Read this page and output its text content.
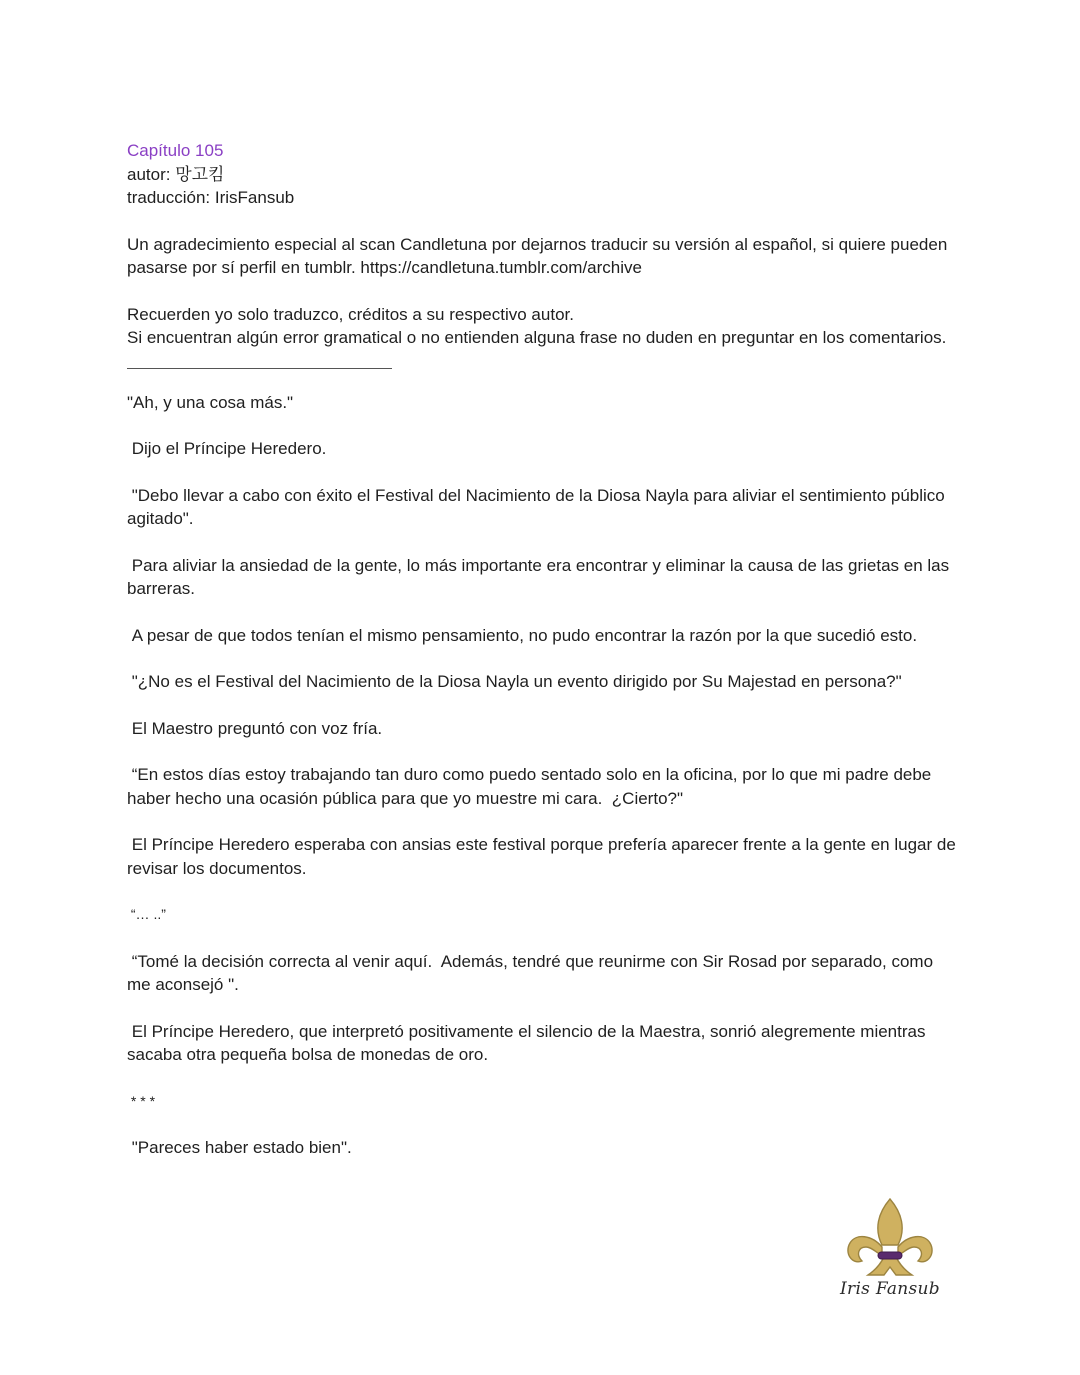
Capítulo 105

autor: 망고킴

traducción: IrisFansub

Un agradecimiento especial al scan Candletuna por dejarnos traducir su versión al español, si quiere pueden pasarse por sí perfil en tumblr. https://candletuna.tumblr.com/archive

Recuerden yo solo traduzco, créditos a su respectivo autor.
Si encuentran algún error gramatical o no entienden alguna frase no duden en preguntar en los comentarios.

"Ah, y una cosa más."

Dijo el Príncipe Heredero.

"Debo llevar a cabo con éxito el Festival del Nacimiento de la Diosa Nayla para aliviar el sentimiento público agitado".

Para aliviar la ansiedad de la gente, lo más importante era encontrar y eliminar la causa de las grietas en las barreras.

A pesar de que todos tenían el mismo pensamiento, no pudo encontrar la razón por la que sucedió esto.

"¿No es el Festival del Nacimiento de la Diosa Nayla un evento dirigido por Su Majestad en persona?"

El Maestro preguntó con voz fría.

“En estos días estoy trabajando tan duro como puedo sentado solo en la oficina, por lo que mi padre debe haber hecho una ocasión pública para que yo muestre mi cara.  ¿Cierto?"

El Príncipe Heredero esperaba con ansias este festival porque prefería aparecer frente a la gente en lugar de revisar los documentos.

“… ..”

“Tomé la decisión correcta al venir aquí.  Además, tendré que reunirme con Sir Rosad por separado, como me aconsejó ".

El Príncipe Heredero, que interpretó positivamente el silencio de la Maestra, sonrió alegremente mientras sacaba otra pequeña bolsa de monedas de oro.

* * *

"Pareces haber estado bien".

Iris Fansub
